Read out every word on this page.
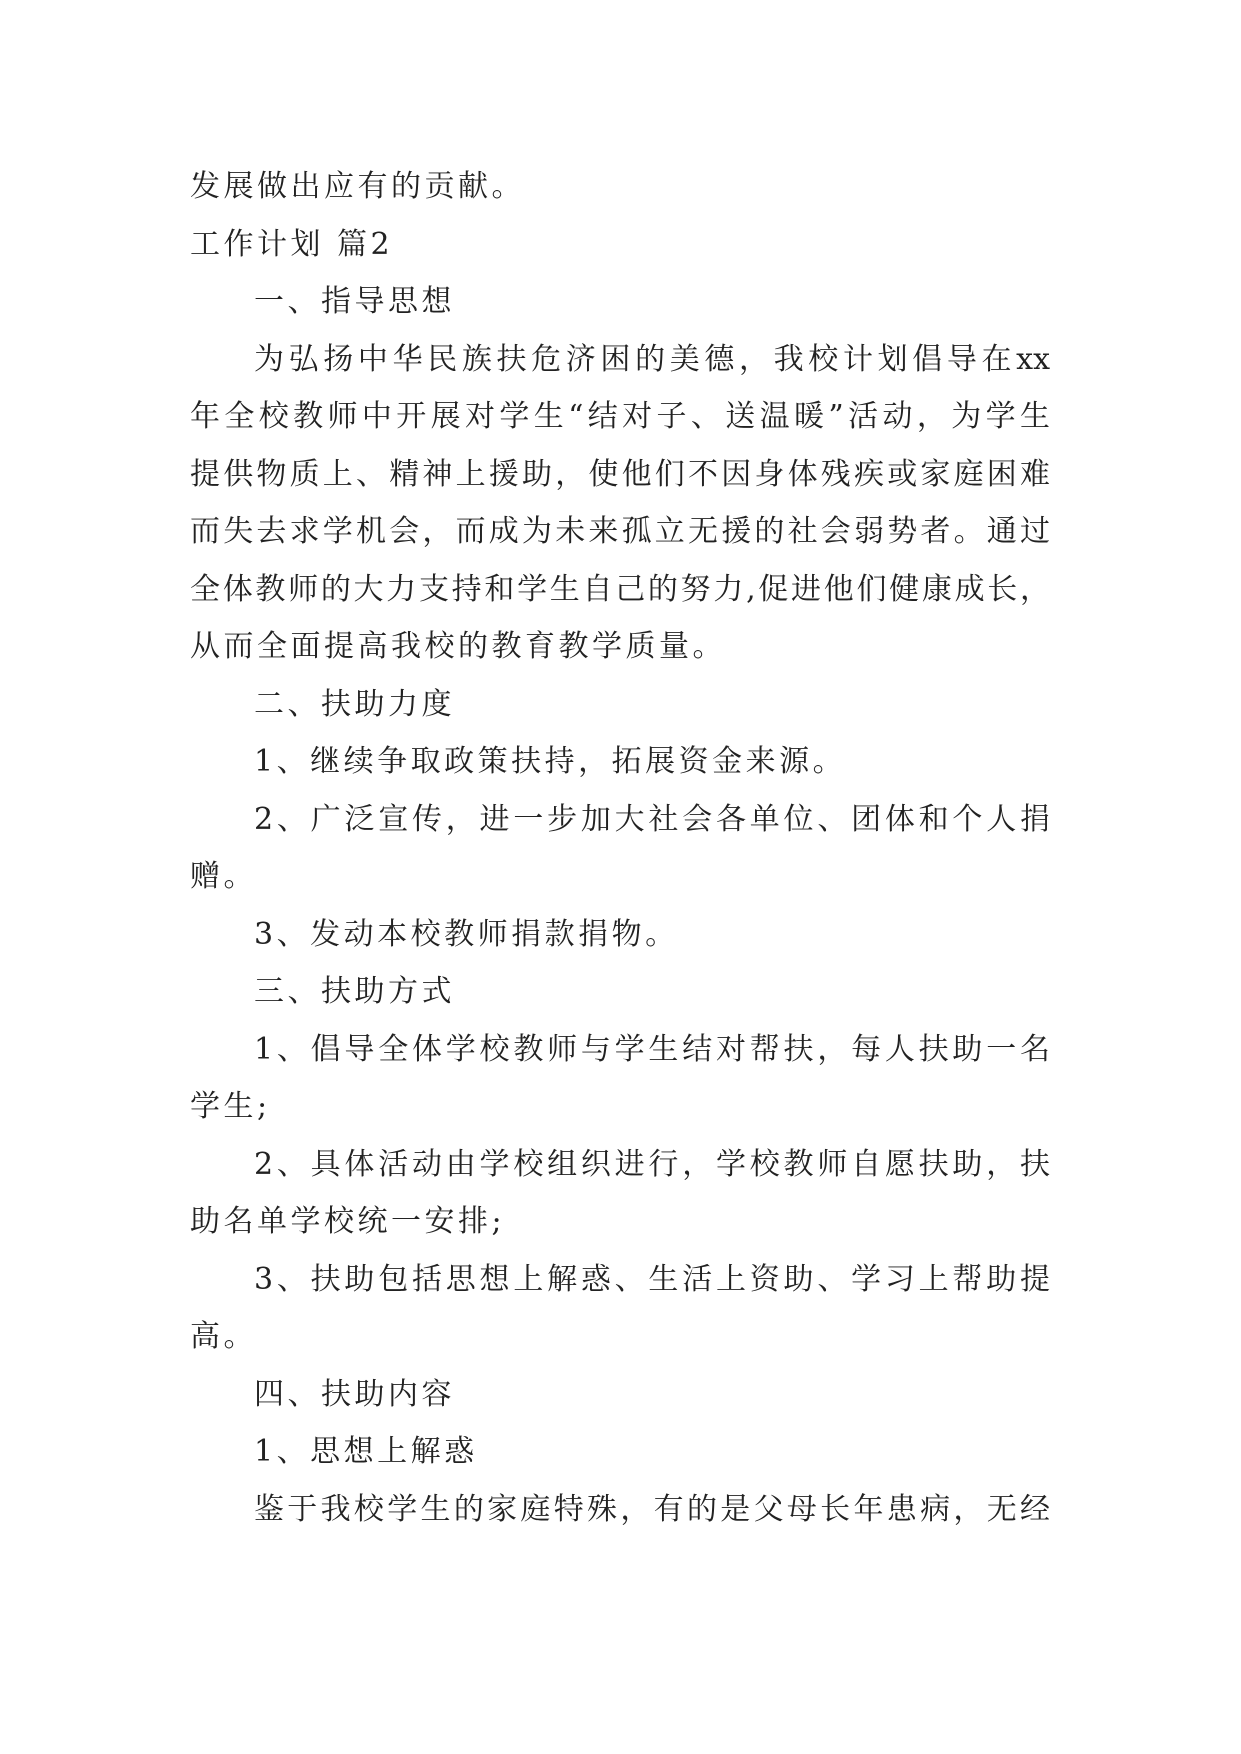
发展做出应有的贡献。
工作计划 篇2
一、指导思想
为弘扬中华民族扶危济困的美德，我校计划倡导在xx
年全校教师中开展对学生“结对子、送温暖”活动，为学生
提供物质上、精神上援助，使他们不因身体残疾或家庭困难
而失去求学机会，而成为未来孤立无援的社会弱势者。通过
全体教师的大力支持和学生自己的努力,促进他们健康成长，
从而全面提高我校的教育教学质量。
二、扶助力度
1、继续争取政策扶持，拓展资金来源。
2、广泛宣传，进一步加大社会各单位、团体和个人捐
赠。
3、发动本校教师捐款捐物。
三、扶助方式
1、倡导全体学校教师与学生结对帮扶，每人扶助一名
学生;
2、具体活动由学校组织进行，学校教师自愿扶助，扶
助名单学校统一安排;
3、扶助包括思想上解惑、生活上资助、学习上帮助提
高。
四、扶助内容
1、思想上解惑
鉴于我校学生的家庭特殊，有的是父母长年患病，无经
